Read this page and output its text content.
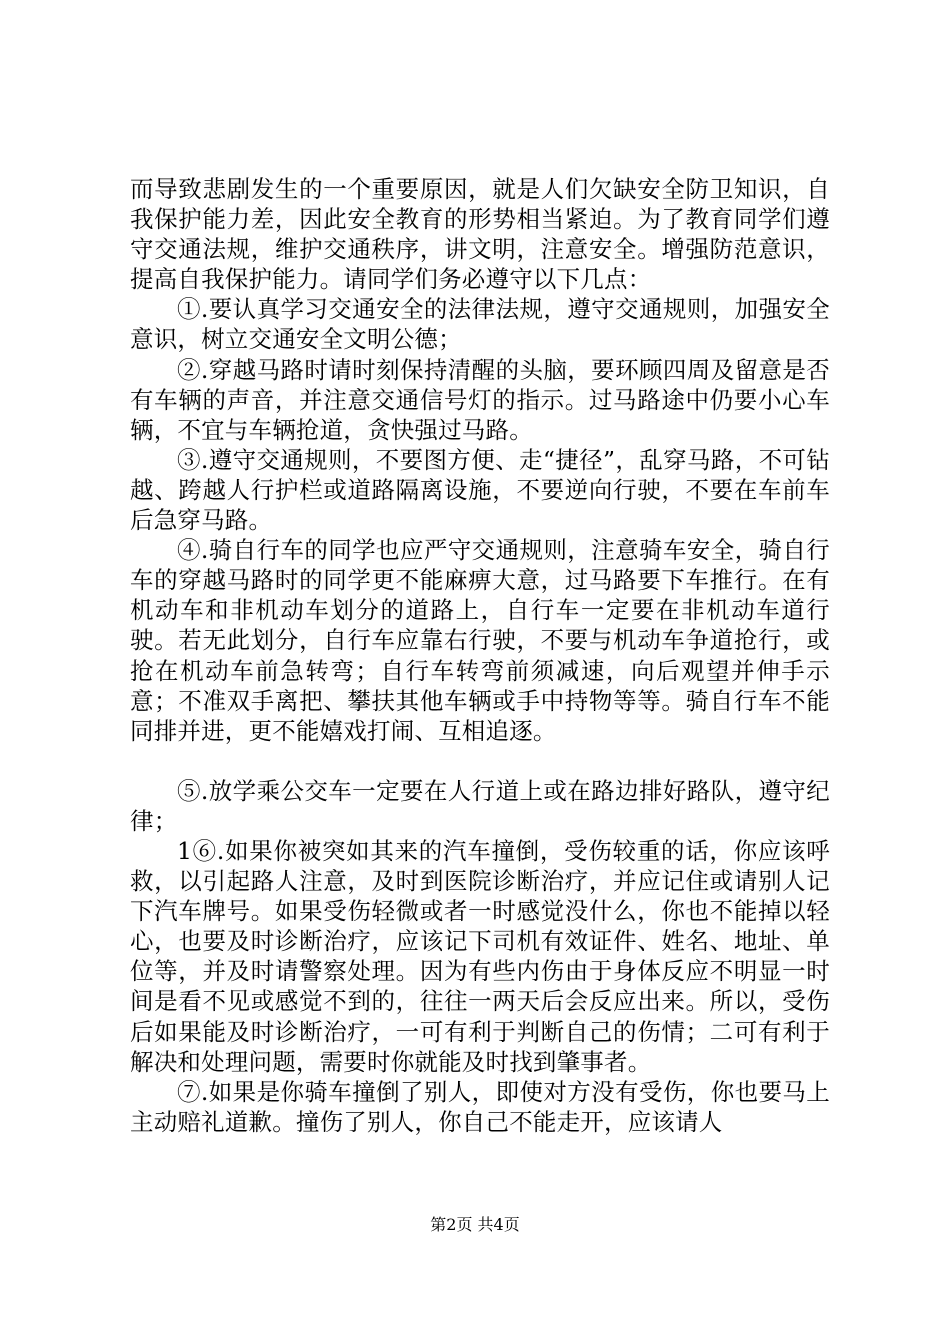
而导致悲剧发生的一个重要原因，就是人们欠缺安全防卫知识，自我保护能力差，因此安全教育的形势相当紧迫。为了教育同学们遵守交通法规，维护交通秩序，讲文明，注意安全。增强防范意识，提高自我保护能力。请同学们务必遵守以下几点：

①.要认真学习交通安全的法律法规，遵守交通规则，加强安全意识，树立交通安全文明公德；

②.穿越马路时请时刻保持清醒的头脑，要环顾四周及留意是否有车辆的声音，并注意交通信号灯的指示。过马路途中仍要小心车辆，不宜与车辆抢道，贪快强过马路。

③.遵守交通规则，不要图方便、走“捷径”，乱穿马路，不可钻越、跨越人行护栏或道路隔离设施，不要逆向行驶，不要在车前车后急穿马路。

④.骑自行车的同学也应严守交通规则，注意骑车安全，骑自行车的穿越马路时的同学更不能麻痹大意，过马路要下车推行。在有机动车和非机动车划分的道路上，自行车一定要在非机动车道行驶。若无此划分，自行车应靠右行驶，不要与机动车争道抢行，或抢在机动车前急转弯；自行车转弯前须减速，向后观望并伸手示意；不准双手离把、攀扶其他车辆或手中持物等等。骑自行车不能同排并进，更不能嬉戏打闹、互相追逐。

⑤.放学乘公交车一定要在人行道上或在路边排好路队，遵守纪律；

1⑥.如果你被突如其来的汽车撞倒，受伤较重的话，你应该呼救，以引起路人注意，及时到医院诊断治疗，并应记住或请别人记下汽车牌号。如果受伤轻微或者一时感觉没什么，你也不能掉以轻心，也要及时诊断治疗，应该记下司机有效证件、姓名、地址、单位等，并及时请警察处理。因为有些内伤由于身体反应不明显一时间是看不见或感觉不到的，往往一两天后会反应出来。所以，受伤后如果能及时诊断治疗，一可有利于判断自己的伤情；二可有利于解决和处理问题，需要时你就能及时找到肇事者。

⑦.如果是你骑车撞倒了别人，即使对方没有受伤，你也要马上主动赔礼道歉。撞伤了别人，你自己不能走开，应该请人

第2页 共4页
